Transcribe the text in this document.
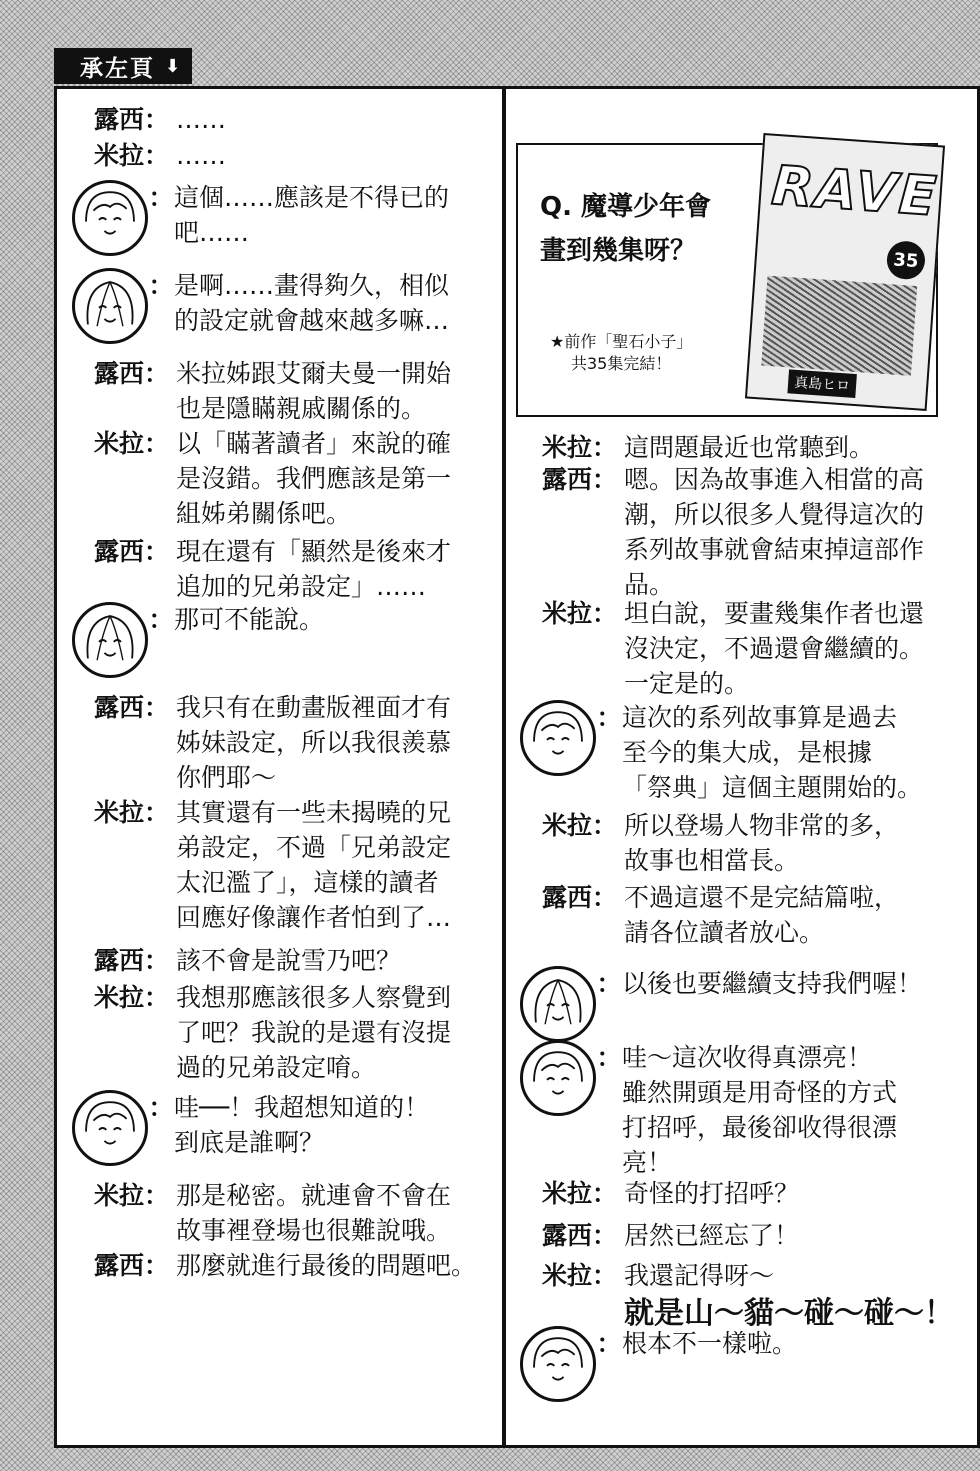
承左頁 ⬇
露西： ……
米拉： ……
： 這個……應該是不得已的
吧……
： 是啊……畫得夠久，相似
的設定就會越來越多嘛…
露西： 米拉姊跟艾爾夫曼一開始
也是隱瞞親戚關係的。
米拉： 以「瞞著讀者」來說的確
是沒錯。我們應該是第一
組姊弟關係吧。
露西： 現在還有「顯然是後來才
追加的兄弟設定」……
： 那可不能說。
露西： 我只有在動畫版裡面才有
姊妹設定，所以我很羨慕
你們耶～
米拉： 其實還有一些未揭曉的兄
弟設定，不過「兄弟設定
太氾濫了」，這樣的讀者
回應好像讓作者怕到了…
露西： 該不會是說雪乃吧？
米拉： 我想那應該很多人察覺到
了吧？我說的是還有沒提
過的兄弟設定唷。
： 哇──！我超想知道的！
到底是誰啊？
米拉： 那是秘密。就連會不會在
故事裡登場也很難說哦。
露西： 那麼就進行最後的問題吧。
Q. 魔導少年會
畫到幾集呀？
★前作「聖石小子」
共35集完結！
RAVE
35
真島ヒロ
米拉： 這問題最近也常聽到。
露西： 嗯。因為故事進入相當的高
潮，所以很多人覺得這次的
系列故事就會結束掉這部作
品。
米拉： 坦白說，要畫幾集作者也還
沒決定，不過還會繼續的。
一定是的。
： 這次的系列故事算是過去
至今的集大成，是根據
「祭典」這個主題開始的。
米拉： 所以登場人物非常的多，
故事也相當長。
露西： 不過這還不是完結篇啦，
請各位讀者放心。
： 以後也要繼續支持我們喔！
： 哇～這次收得真漂亮！
雖然開頭是用奇怪的方式
打招呼，最後卻收得很漂
亮！
米拉： 奇怪的打招呼？
露西： 居然已經忘了！
米拉： 我還記得呀～
就是山～貓～碰～碰～！
： 根本不一樣啦。
